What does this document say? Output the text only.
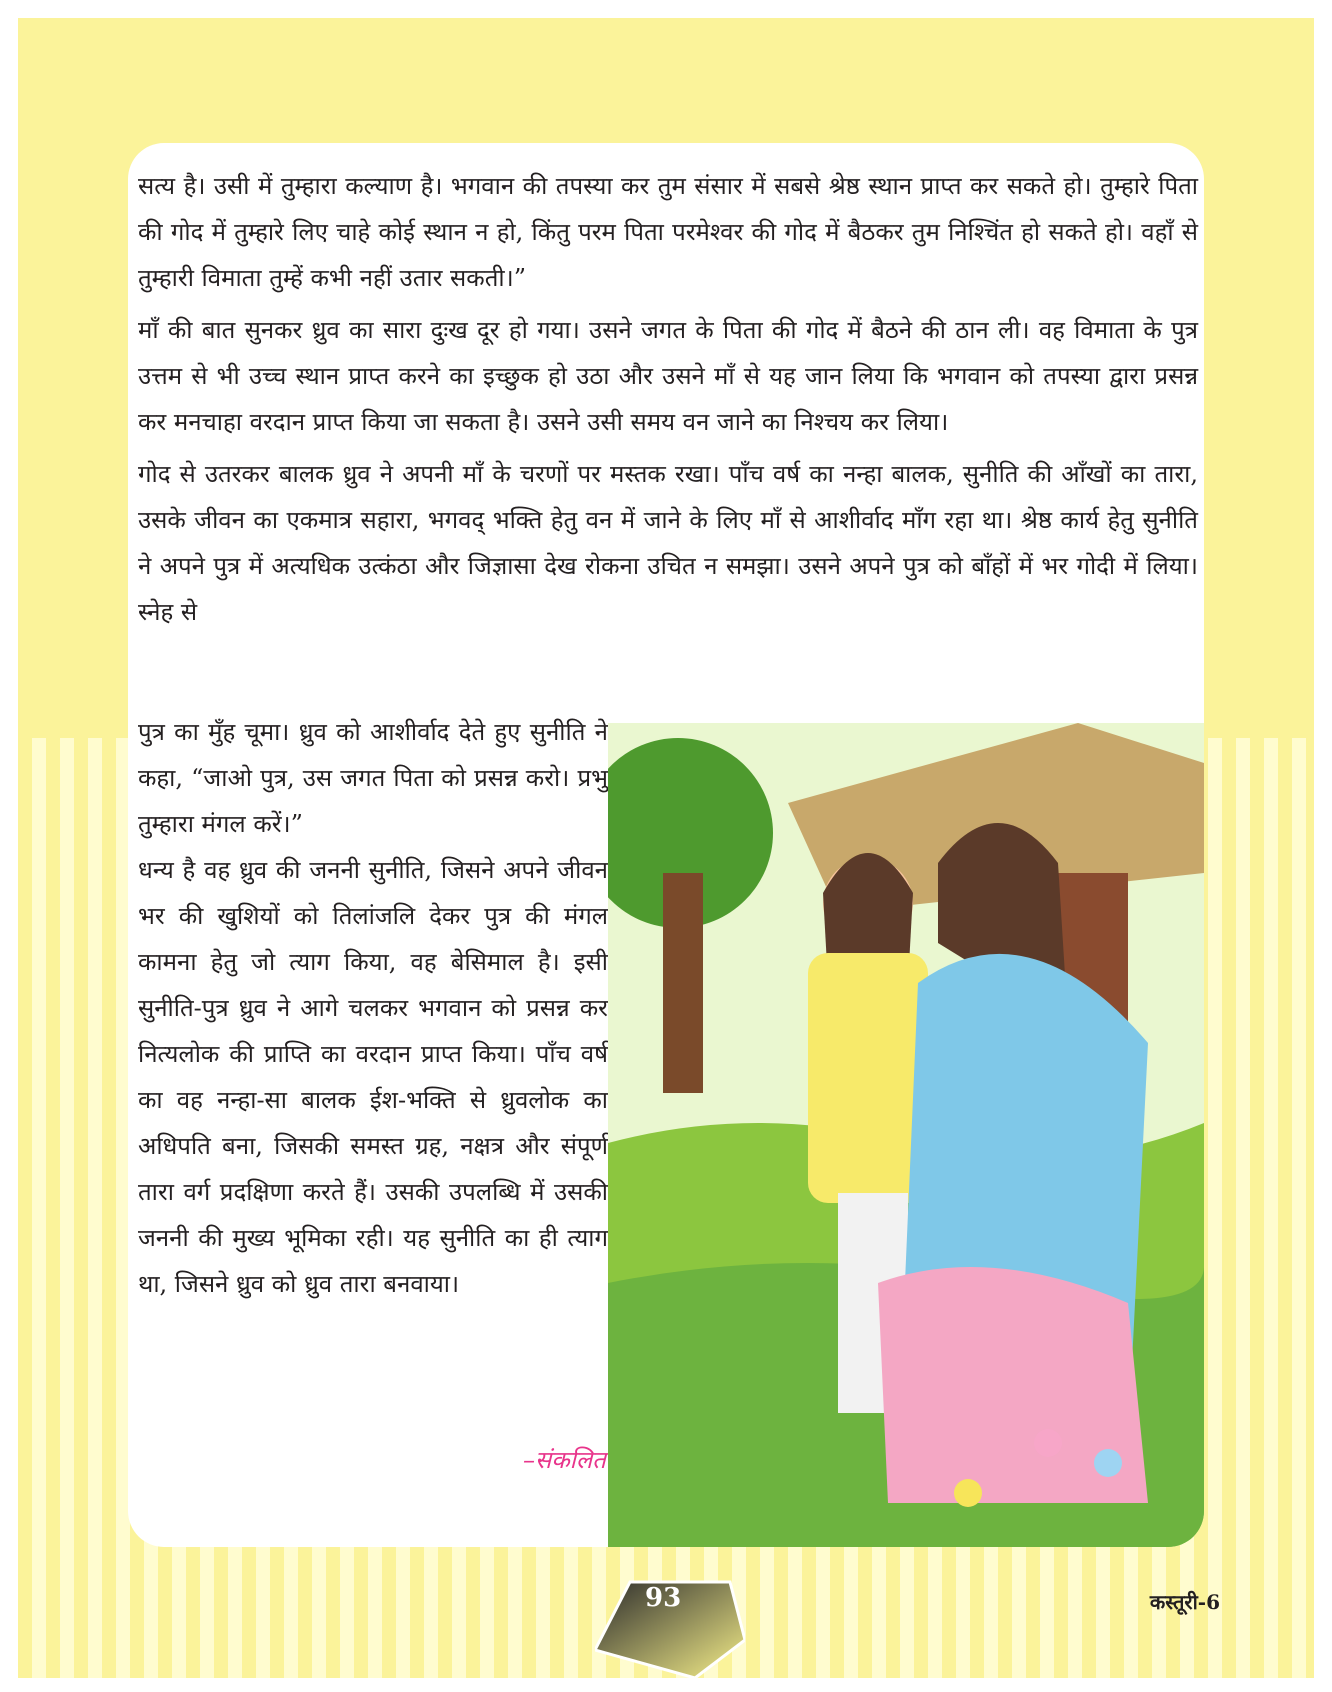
सत्य है। उसी में तुम्हारा कल्याण है। भगवान की तपस्या कर तुम संसार में सबसे श्रेष्ठ स्थान प्राप्त कर सकते हो। तुम्हारे पिता की गोद में तुम्हारे लिए चाहे कोई स्थान न हो, किंतु परम पिता परमेश्वर की गोद में बैठकर तुम निश्चिंत हो सकते हो। वहाँ से तुम्हारी विमाता तुम्हें कभी नहीं उतार सकती।”

माँ की बात सुनकर ध्रुव का सारा दुःख दूर हो गया। उसने जगत के पिता की गोद में बैठने की ठान ली। वह विमाता के पुत्र उत्तम से भी उच्च स्थान प्राप्त करने का इच्छुक हो उठा और उसने माँ से यह जान लिया कि भगवान को तपस्या द्वारा प्रसन्न कर मनचाहा वरदान प्राप्त किया जा सकता है। उसने उसी समय वन जाने का निश्चय कर लिया।

गोद से उतरकर बालक ध्रुव ने अपनी माँ के चरणों पर मस्तक रखा। पाँच वर्ष का नन्हा बालक, सुनीति की आँखों का तारा, उसके जीवन का एकमात्र सहारा, भगवद् भक्ति हेतु वन में जाने के लिए माँ से आशीर्वाद माँग रहा था। श्रेष्ठ कार्य हेतु सुनीति ने अपने पुत्र में अत्यधिक उत्कंठा और जिज्ञासा देख रोकना उचित न समझा। उसने अपने पुत्र को बाँहों में भर गोदी में लिया। स्नेह से

पुत्र का मुँह चूमा। ध्रुव को आशीर्वाद देते हुए सुनीति ने कहा, “जाओ पुत्र, उस जगत पिता को प्रसन्न करो। प्रभु तुम्हारा मंगल करें।”

धन्य है वह ध्रुव की जननी सुनीति, जिसने अपने जीवन भर की खुशियों को तिलांजलि देकर पुत्र की मंगल कामना हेतु जो त्याग किया, वह बेसिमाल है। इसी सुनीति-पुत्र ध्रुव ने आगे चलकर भगवान को प्रसन्न कर नित्यलोक की प्राप्ति का वरदान प्राप्त किया। पाँच वर्ष का वह नन्हा-सा बालक ईश-भक्ति से ध्रुवलोक का अधिपति बना, जिसकी समस्त ग्रह, नक्षत्र और संपूर्ण तारा वर्ग प्रदक्षिणा करते हैं। उसकी उपलब्धि में उसकी जननी की मुख्य भूमिका रही। यह सुनीति का ही त्याग था, जिसने ध्रुव को ध्रुव तारा बनवाया।

–संकलित
कस्तूरी-6
93
